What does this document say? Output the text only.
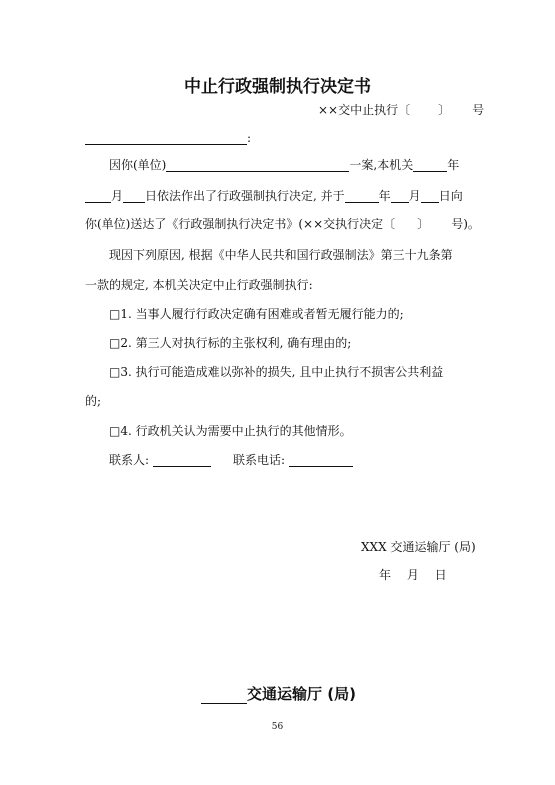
中止行政强制执行决定书
××交中止执行〔 〕 号
:
因你(单位)	一案,本机关	年
月 日依法作出了行政强制执行决定, 并于	年 月 日向
你(单位)送达了《行政强制执行决定书》(××交执行决定〔 〕 号)。
现因下列原因, 根据《中华人民共和国行政强制法》第三十九条第
一款的规定, 本机关决定中止行政强制执行:
□1. 当事人履行行政决定确有困难或者暂无履行能力的;
□2. 第三人对执行标的主张权利, 确有理由的;
□3. 执行可能造成难以弥补的损失, 且中止执行不损害公共利益
的;
□4. 行政机关认为需要中止执行的其他情形。
联系人:	联系电话:
XXX 交通运输厅 (局)
年 月 日
交通运输厅 (局)
56
